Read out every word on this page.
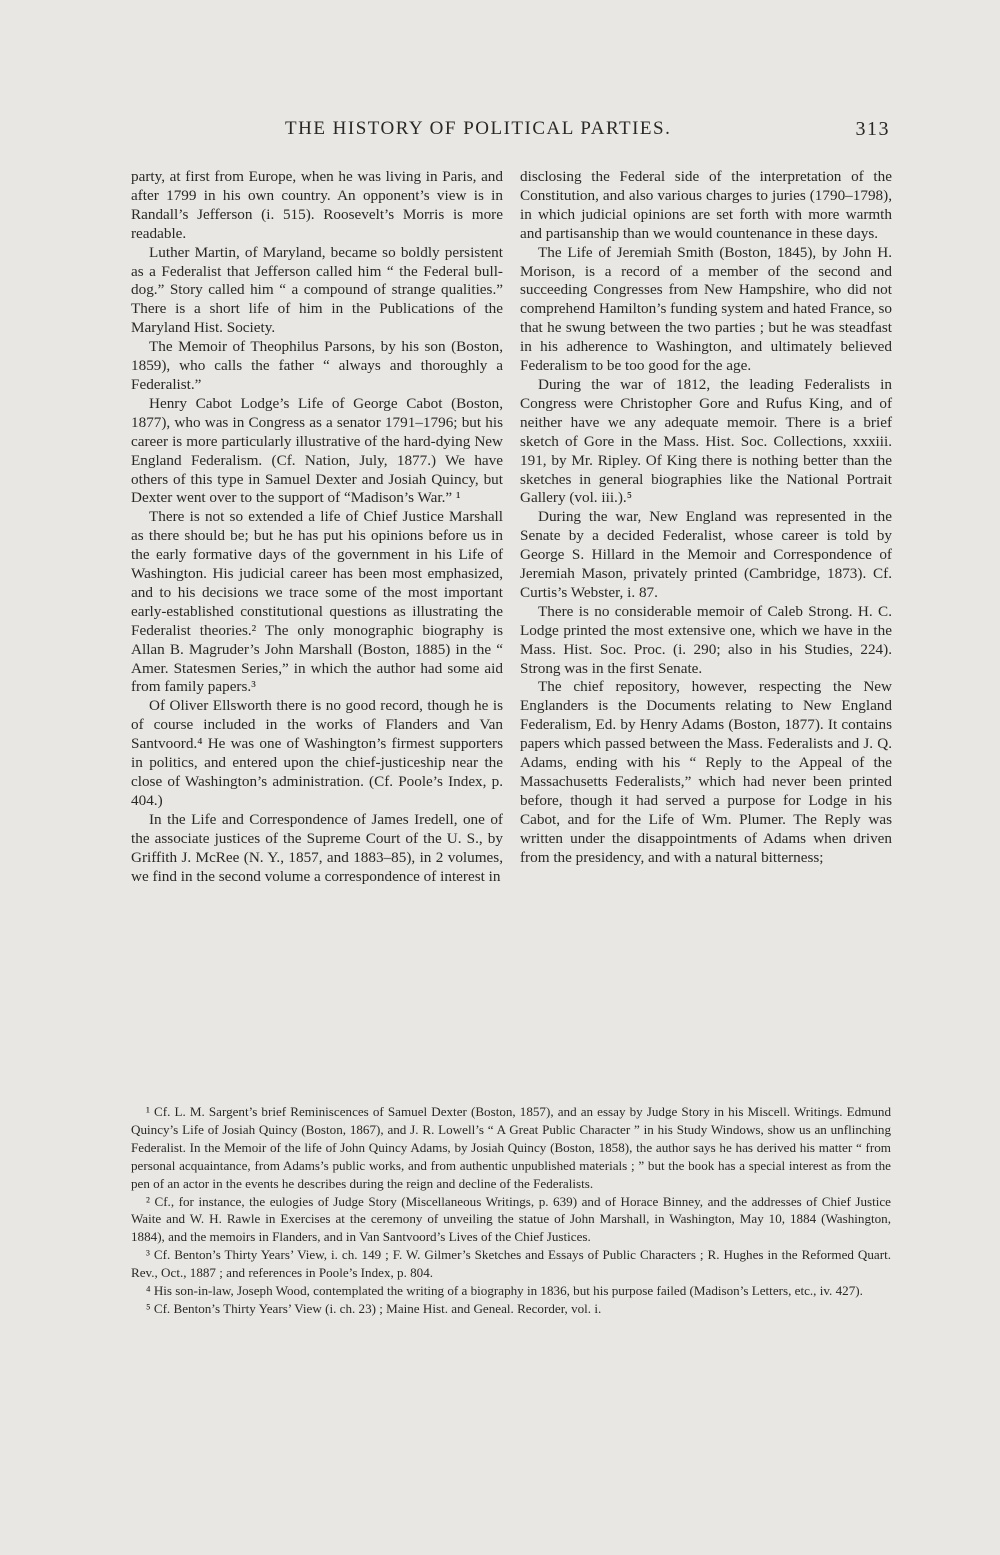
THE HISTORY OF POLITICAL PARTIES.	313

party, at first from Europe, when he was living in Paris, and after 1799 in his own country. An opponent’s view is in Randall’s Jefferson (i. 515). Roosevelt’s Morris is more readable.

Luther Martin, of Maryland, became so boldly persistent as a Federalist that Jefferson called him “ the Federal bull-dog.” Story called him “ a compound of strange qualities.” There is a short life of him in the Publications of the Maryland Hist. Society.

The Memoir of Theophilus Parsons, by his son (Boston, 1859), who calls the father “ always and thoroughly a Federalist.”

Henry Cabot Lodge’s Life of George Cabot (Boston, 1877), who was in Congress as a senator 1791–1796; but his career is more particularly illustrative of the hard-dying New England Federalism. (Cf. Nation, July, 1877.) We have others of this type in Samuel Dexter and Josiah Quincy, but Dexter went over to the support of “Madison’s War.” ¹

There is not so extended a life of Chief Justice Marshall as there should be; but he has put his opinions before us in the early formative days of the government in his Life of Washington. His judicial career has been most emphasized, and to his decisions we trace some of the most important early-established constitutional questions as illustrating the Federalist theories.² The only monographic biography is Allan B. Magruder’s John Marshall (Boston, 1885) in the “ Amer. Statesmen Series,” in which the author had some aid from family papers.³

Of Oliver Ellsworth there is no good record, though he is of course included in the works of Flanders and Van Santvoord.⁴ He was one of Washington’s firmest supporters in politics, and entered upon the chief-justiceship near the close of Washington’s administration. (Cf. Poole’s Index, p. 404.)

In the Life and Correspondence of James Iredell, one of the associate justices of the Supreme Court of the U. S., by Griffith J. McRee (N. Y., 1857, and 1883–85), in 2 volumes, we find in the second volume a correspondence of interest in

disclosing the Federal side of the interpretation of the Constitution, and also various charges to juries (1790–1798), in which judicial opinions are set forth with more warmth and partisanship than we would countenance in these days.

The Life of Jeremiah Smith (Boston, 1845), by John H. Morison, is a record of a member of the second and succeeding Congresses from New Hampshire, who did not comprehend Hamilton’s funding system and hated France, so that he swung between the two parties ; but he was steadfast in his adherence to Washington, and ultimately believed Federalism to be too good for the age.

During the war of 1812, the leading Federalists in Congress were Christopher Gore and Rufus King, and of neither have we any adequate memoir. There is a brief sketch of Gore in the Mass. Hist. Soc. Collections, xxxiii. 191, by Mr. Ripley. Of King there is nothing better than the sketches in general biographies like the National Portrait Gallery (vol. iii.).⁵

During the war, New England was represented in the Senate by a decided Federalist, whose career is told by George S. Hillard in the Memoir and Correspondence of Jeremiah Mason, privately printed (Cambridge, 1873). Cf. Curtis’s Webster, i. 87.

There is no considerable memoir of Caleb Strong. H. C. Lodge printed the most extensive one, which we have in the Mass. Hist. Soc. Proc. (i. 290; also in his Studies, 224). Strong was in the first Senate.

The chief repository, however, respecting the New Englanders is the Documents relating to New England Federalism, Ed. by Henry Adams (Boston, 1877). It contains papers which passed between the Mass. Federalists and J. Q. Adams, ending with his “ Reply to the Appeal of the Massachusetts Federalists,” which had never been printed before, though it had served a purpose for Lodge in his Cabot, and for the Life of Wm. Plumer. The Reply was written under the disappointments of Adams when driven from the presidency, and with a natural bitterness;

¹ Cf. L. M. Sargent’s brief Reminiscences of Samuel Dexter (Boston, 1857), and an essay by Judge Story in his Miscell. Writings. Edmund Quincy’s Life of Josiah Quincy (Boston, 1867), and J. R. Lowell’s “ A Great Public Character ” in his Study Windows, show us an unflinching Federalist. In the Memoir of the life of John Quincy Adams, by Josiah Quincy (Boston, 1858), the author says he has derived his matter “ from personal acquaintance, from Adams’s public works, and from authentic unpublished materials ; ” but the book has a special interest as from the pen of an actor in the events he describes during the reign and decline of the Federalists.

² Cf., for instance, the eulogies of Judge Story (Miscellaneous Writings, p. 639) and of Horace Binney, and the addresses of Chief Justice Waite and W. H. Rawle in Exercises at the ceremony of unveiling the statue of John Marshall, in Washington, May 10, 1884 (Washington, 1884), and the memoirs in Flanders, and in Van Santvoord’s Lives of the Chief Justices.

³ Cf. Benton’s Thirty Years’ View, i. ch. 149 ; F. W. Gilmer’s Sketches and Essays of Public Characters ; R. Hughes in the Reformed Quart. Rev., Oct., 1887 ; and references in Poole’s Index, p. 804.

⁴ His son-in-law, Joseph Wood, contemplated the writing of a biography in 1836, but his purpose failed (Madison’s Letters, etc., iv. 427).

⁵ Cf. Benton’s Thirty Years’ View (i. ch. 23) ; Maine Hist. and Geneal. Recorder, vol. i.
